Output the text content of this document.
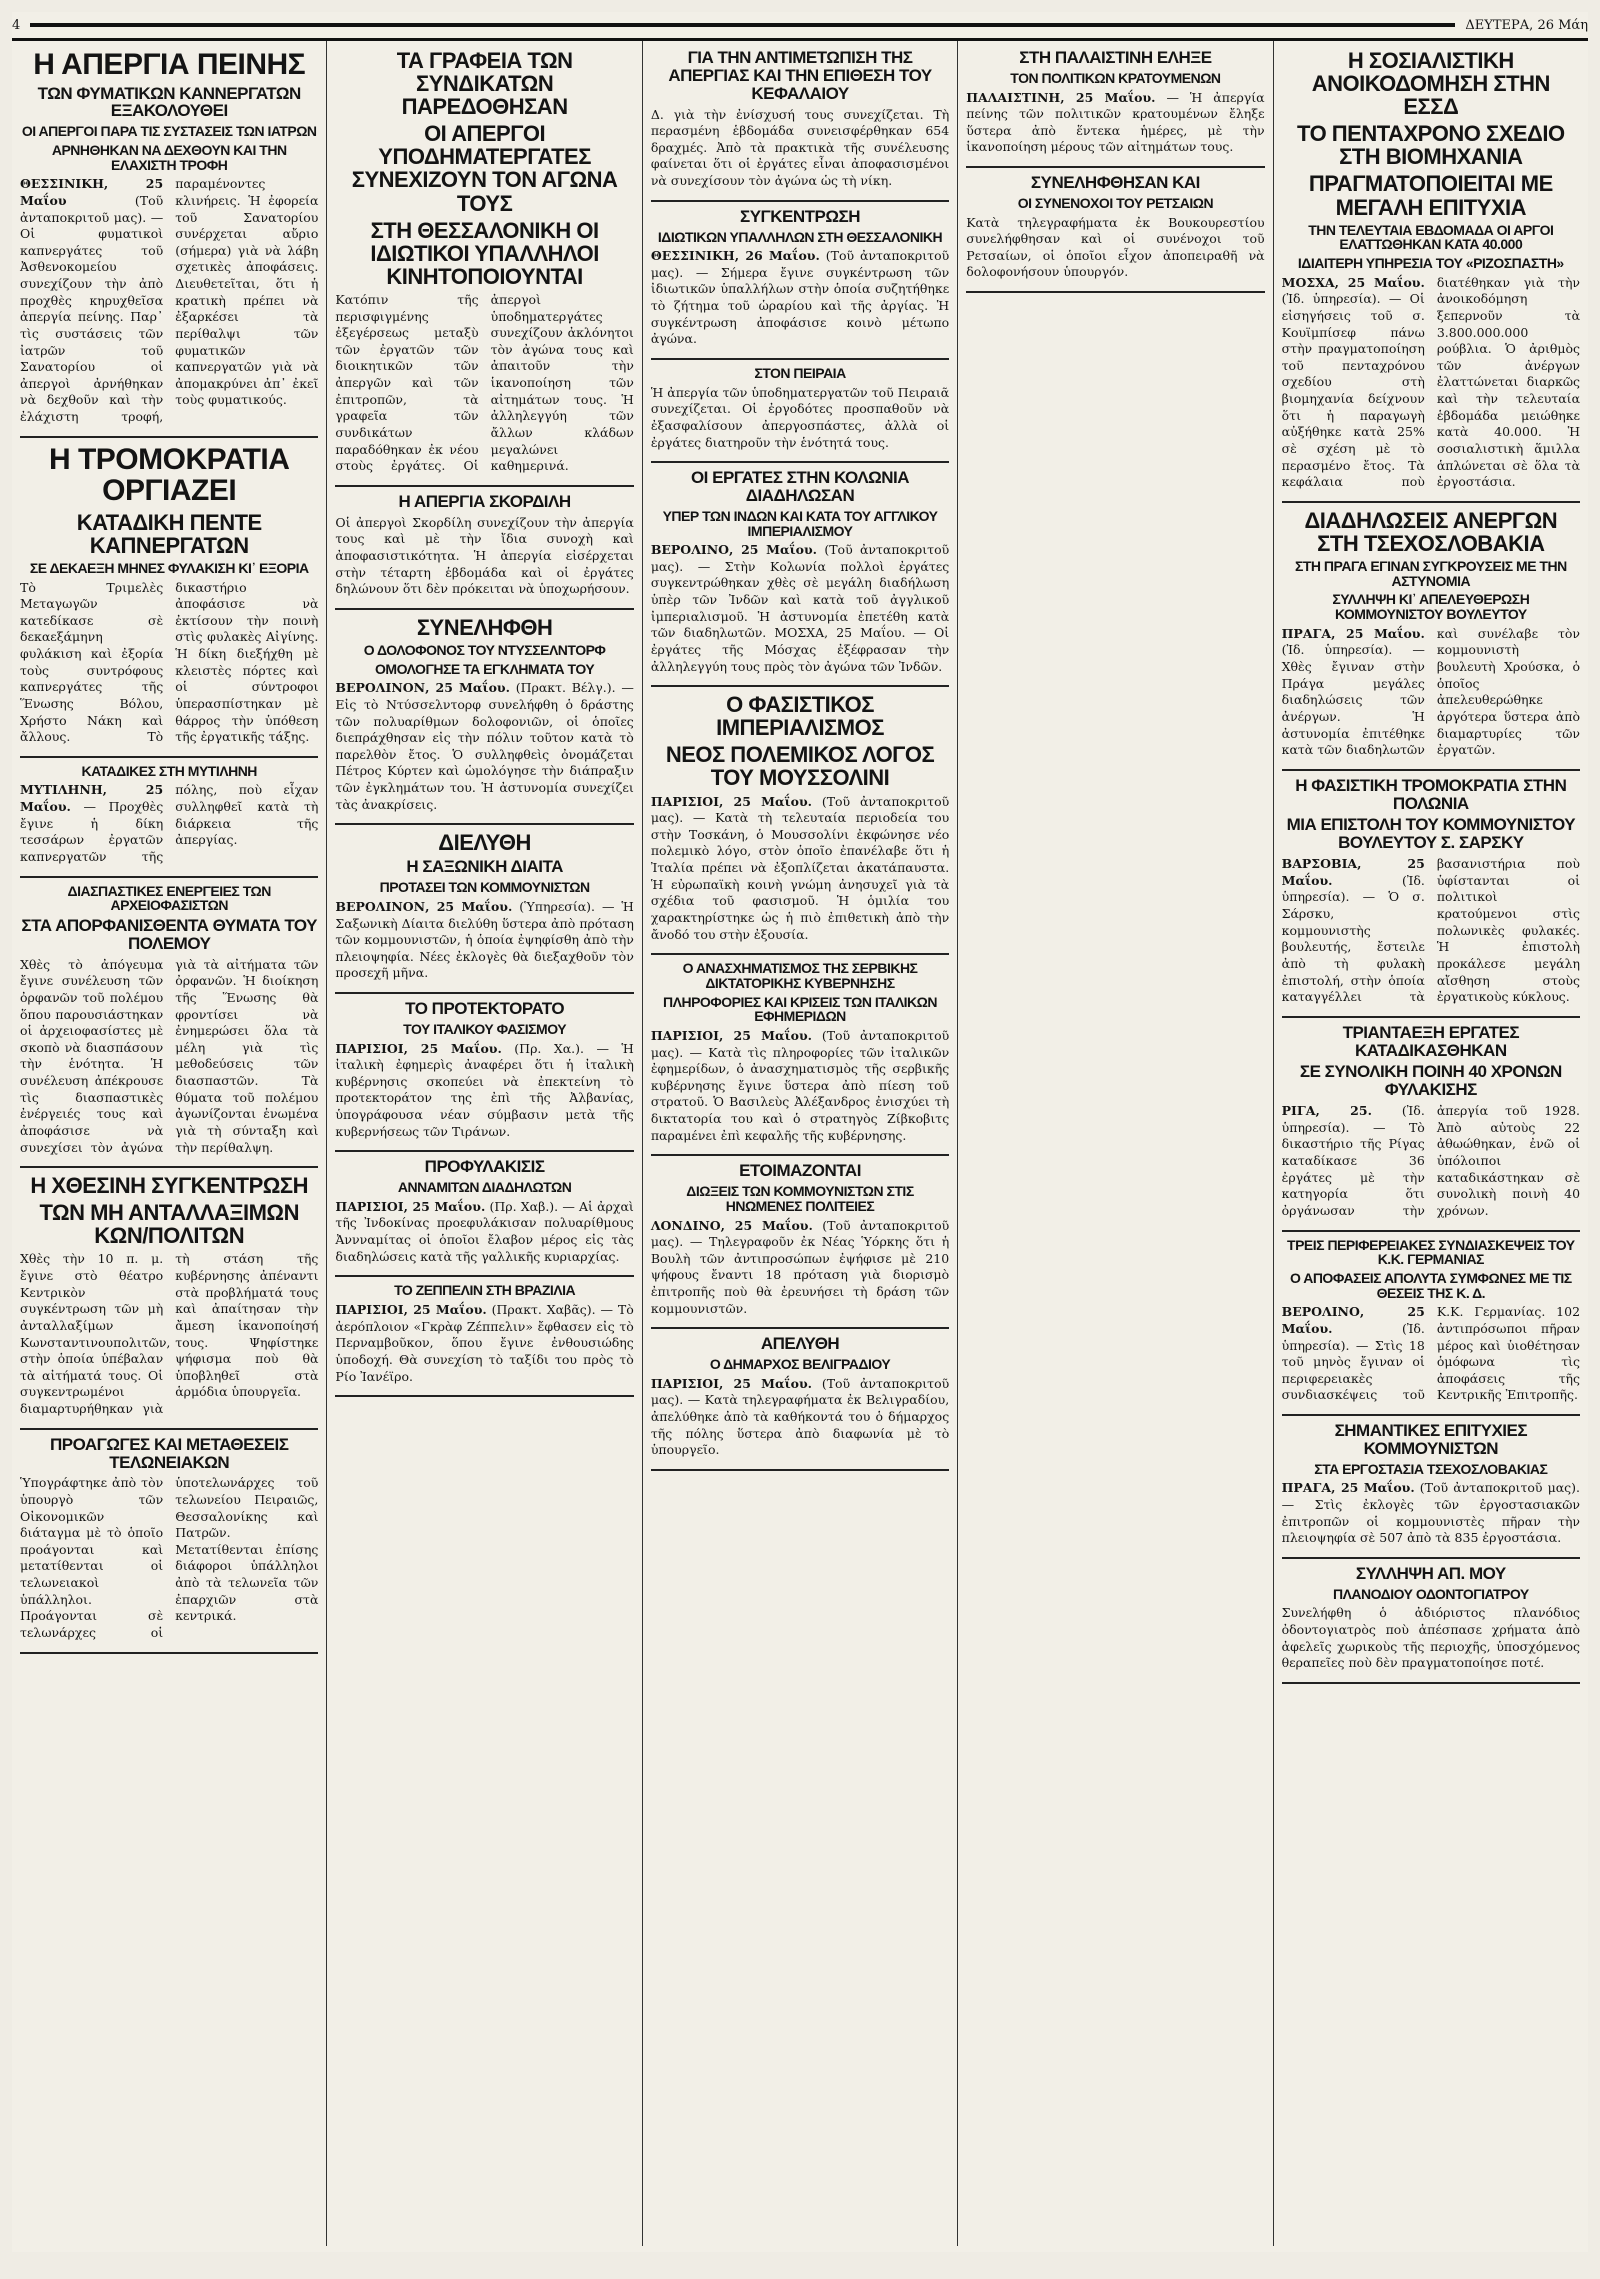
4	ΔΕΥΤΕΡΑ, 26 Μάη
Η ΑΠΕΡΓΙΑ ΠΕΙΝΗΣ
ΤΩΝ ΦΥΜΑΤΙΚΩΝ ΚΑΝΝΕΡΓΑΤΩΝ ΕΞΑΚΟΛΟΥΘΕΙ
ΟΙ ΑΠΕΡΓΟΙ ΠΑΡΑ ΤΙΣ ΣΥΣΤΑΣΕΙΣ ΤΩΝ ΙΑΤΡΩΝ
ΑΡΝΗΘΗΚΑΝ ΝΑ ΔΕΧΘΟΥΝ ΚΑΙ ΤΗΝ ΕΛΑΧΙΣΤΗ ΤΡΟΦΗ

ΘΕΣΣΙΝΙΚΗ, 25 Μαΐου	(Τοῦ ἀνταποκριτοῦ μας). — Οἱ φυματικοὶ καπνεργάτες τοῦ Ἀσθενοκομείου συνεχίζουν τὴν ἀπὸ πρoχθὲς κηρυχθεῖσα ἀπεργία πείνης. Παρ᾽ τὶς συστάσεις τῶν ἰατρῶν τοῦ Σανατορίου οἱ ἀπεργοὶ ἀρνήθηκαν νὰ δεχθοῦν καὶ τὴν ἐλάχιστη τροφή, παραμένοντες κλινήρεις. Ἡ ἐφορεία τοῦ Σανατορίου συνέρχεται αὔριο (σήμερα) γιὰ νὰ λάβη σχετικὲς ἀποφάσεις. Διευθετεῖται, ὅτι ἡ κρατικὴ πρέπει νὰ ἐξαρκέσει τὰ περίθαλψι τῶν φυματικῶν καπνεργατῶν γιὰ νὰ ἀπομακρύνει ἀπ᾽ ἐκεῖ τοὺς φυματικούς.

Η ΤΡΟΜΟΚΡΑΤΙΑ ΟΡΓΙΑΖΕΙ
ΚΑΤΑΔΙΚΗ ΠΕΝΤΕ ΚΑΠΝΕΡΓΑΤΩΝ
ΣΕ ΔΕΚΑΕΞΗ ΜΗΝΕΣ ΦΥΛΑΚΙΣΗ ΚΙ᾽ ΕΞΟΡΙΑ

Τὸ Τριμελὲς Μεταγωγῶν κατεδίκασε σὲ δεκαεξάμηνη φυλάκιση καὶ ἐξορία τοὺς συντρόφους καπνεργάτες τῆς Ἕνωσης Βόλου, Χρήστο Νάκη καὶ ἄλλους. Τὸ δικαστήριο ἀποφάσισε νὰ ἐκτίσουν τὴν ποινὴ στὶς φυλακὲς Αἰγίνης. Ἡ δίκη διεξήχθη μὲ κλειστὲς πόρτες καὶ οἱ σύντροφοι ὑπερασπίστηκαν μὲ θάρρος τὴν ὑπόθεση τῆς ἐργατικῆς τάξης.

ΚΑΤΑΔΙΚΕΣ ΣΤΗ ΜΥΤΙΛΗΝΗ

ΜΥΤΙΛΗΝΗ, 25 Μαΐου. — Προχθὲς ἔγινε ἡ δίκη τεσσάρων ἐργατῶν καπνεργατῶν τῆς πόλης, ποὺ εἶχαν συλληφθεῖ κατὰ τὴ διάρκεια τῆς ἀπεργίας.

ΔΙΑΣΠΑΣΤΙΚΕΣ ΕΝΕΡΓΕΙΕΣ ΤΩΝ ΑΡΧΕΙΟΦΑΣΙΣΤΩΝ
ΣΤΑ ΑΠΟΡΦΑΝΙΣΘΕΝΤΑ ΘΥΜΑΤΑ ΤΟΥ ΠΟΛΕΜΟΥ

Χθὲς τὸ ἀπόγευμα ἔγινε συνέλευση τῶν ὀρφανῶν τοῦ πολέμου ὅπου παρουσιάστηκαν οἱ ἀρχειοφασίστες μὲ σκοπὸ νὰ διασπάσουν τὴν ἑνότητα. Ἡ συνέλευση ἀπέκρουσε τὶς διασπαστικὲς ἐνέργειές τους καὶ ἀποφάσισε νὰ συνεχίσει τὸν ἀγώνα γιὰ τὰ αἰτήματα τῶν ὀρφανῶν. Ἡ διοίκηση τῆς Ἕνωσης θὰ φροντίσει νὰ ἐνημερώσει ὅλα τὰ μέλη γιὰ τὶς μεθοδεύσεις τῶν διασπαστῶν. Τὰ θύματα τοῦ πολέμου ἀγωνίζονται ἑνωμένα γιὰ τὴ σύνταξη καὶ τὴν περίθαλψη.

Η ΧΘΕΣΙΝΗ ΣΥΓΚΕΝΤΡΩΣΗ
ΤΩΝ ΜΗ ΑΝΤΑΛΛΑΞΙΜΩΝ ΚΩΝ/ΠΟΛΙΤΩΝ

Χθὲς τὴν 10 π. μ. ἔγινε στὸ θέατρο Κεντρικὸν συγκέντρωση τῶν μὴ ἀνταλλαξίμων Κωνσταντινουπολιτῶν, στὴν ὁποία ὑπέβαλαν τὰ αἰτήματά τους. Οἱ συγκεντρωμένοι διαμαρτυρήθηκαν γιὰ τὴ στάση τῆς κυβέρνησης ἀπέναντι στὰ προβλήματά τους καὶ ἀπαίτησαν τὴν ἄμεση ἱκανοποίησή τους. Ψηφίστηκε ψήφισμα ποὺ θὰ ὑποβληθεῖ στὰ ἁρμόδια ὑπουργεῖα.

ΠΡΟΑΓΩΓΕΣ ΚΑΙ ΜΕΤΑΘΕΣΕΙΣ ΤΕΛΩΝΕΙΑΚΩΝ

Ὑπογράφτηκε ἀπὸ τὸν ὑπουργὸ τῶν Οἰκονομικῶν διάταγμα μὲ τὸ ὁποῖο προάγονται καὶ μετατίθενται οἱ τελωνειακοὶ ὑπάλληλοι. Προάγονται σὲ τελωνάρχες οἱ ὑποτελωνάρχες τοῦ τελωνείου Πειραιῶς, Θεσσαλονίκης καὶ Πατρῶν. Μετατίθενται ἐπίσης διάφοροι ὑπάλληλοι ἀπὸ τὰ τελωνεῖα τῶν ἐπαρχιῶν στὰ κεντρικά.

ΤΑ ΓΡΑΦΕΙΑ ΤΩΝ ΣΥΝΔΙΚΑΤΩΝ ΠΑΡΕΔΟΘΗΣΑΝ
ΟΙ ΑΠΕΡΓΟΙ ΥΠΟΔΗΜΑΤΕΡΓΑΤΕΣ ΣΥΝΕΧΙΖΟΥΝ ΤΟΝ ΑΓΩΝΑ ΤΟΥΣ
ΣΤΗ ΘΕΣΣΑΛΟΝΙΚΗ ΟΙ ΙΔΙΩΤΙΚΟΙ ΥΠΑΛΛΗΛΟΙ ΚΙΝΗΤΟΠΟΙΟΥΝΤΑΙ

Κατόπιν τῆς περισφιγμένης ἐξεγέρσεως μεταξὺ τῶν ἐργατῶν τῶν διοικητικῶν τῶν ἀπεργῶν καὶ τῶν ἐπιτροπῶν, τὰ γραφεῖα τῶν συνδικάτων παραδόθηκαν ἐκ νέου στοὺς ἐργάτες. Οἱ ἀπεργοὶ ὑποδηματεργάτες συνεχίζουν ἀκλόνητοι τὸν ἀγώνα τους καὶ ἀπαιτοῦν τὴν ἱκανοποίηση τῶν αἰτημάτων τους. Ἡ ἀλληλεγγύη τῶν ἄλλων κλάδων μεγαλώνει καθημερινά.

Η ΑΠΕΡΓΙΑ ΣΚΟΡΔΙΛΗ

Οἱ ἀπεργοὶ Σκορδίλη συνεχίζουν τὴν ἀπεργία τους καὶ μὲ τὴν ἴδια συνοχὴ καὶ ἀποφασιστικότητα. Ἡ ἀπεργία εἰσέρχεται στὴν τέταρτη ἑβδομάδα καὶ οἱ ἐργάτες δηλώνουν ὅτι δὲν πρόκειται νὰ ὑποχωρήσουν.

ΣΥΝΕΛΗΦΘΗ
Ο ΔΟΛΟΦΟΝΟΣ ΤΟΥ ΝΤΥΣΣΕΛΝΤΟΡΦ
ΟΜΟΛΟΓΗΣΕ ΤΑ ΕΓΚΛΗΜΑΤΑ ΤΟΥ

ΒΕΡΟΛΙΝΟΝ, 25 Μαΐου. (Πρακτ. Βέλγ.). — Εἰς τὸ Ντύσσελντορφ συνελήφθη ὁ δράστης τῶν πολυαρίθμων δολοφονιῶν, οἱ ὁποῖες διεπράχθησαν εἰς τὴν πόλιν τοῦτον κατὰ τὸ παρελθὸν ἔτος. Ὁ συλληφθεὶς ὀνομάζεται Πέτρος Κύρτεν καὶ ὡμολόγησε τὴν διάπραξιν τῶν ἐγκλημάτων του. Ἡ ἀστυνομία συνεχίζει τὰς ἀνακρίσεις.

ΔΙΕΛΥΘΗ
Η ΣΑΞΩΝΙΚΗ ΔΙΑΙΤΑ
ΠΡΟΤΑΣΕΙ ΤΩΝ ΚΟΜΜΟΥΝΙΣΤΩΝ

ΒΕΡΟΛΙΝΟΝ, 25 Μαΐου. (Ὑπηρεσία). — Ἡ Σαξωνικὴ Δίαιτα διελύθη ὕστερα ἀπὸ πρόταση τῶν κομμουνιστῶν, ἡ ὁποία ἐψηφίσθη ἀπὸ τὴν πλειοψηφία. Νέες ἐκλογὲς θὰ διεξαχθοῦν τὸν προσεχῆ μῆνα.

ΤΟ ΠΡΟΤΕΚΤΟΡΑΤΟ
ΤΟΥ ΙΤΑΛΙΚΟΥ ΦΑΣΙΣΜΟΥ

ΠΑΡΙΣΙΟΙ, 25 Μαΐου. (Πρ. Χα.). — Ἡ ἰταλικὴ ἐφημερὶς ἀναφέρει ὅτι ἡ ἰταλικὴ κυβέρνησις σκοπεύει νὰ ἐπεκτείνη τὸ προτεκτοράτον της ἐπὶ τῆς Ἀλβανίας, ὑπογράφουσα νέαν σύμβασιν μετὰ τῆς κυβερνήσεως τῶν Τιράνων.

ΠΡΟΦΥΛΑΚΙΣΙΣ
ΑΝΝΑΜΙΤΩΝ ΔΙΑΔΗΛΩΤΩΝ

ΠΑΡΙΣΙΟΙ, 25 Μαΐου. (Πρ. Χαβ.). — Αἱ ἀρχαὶ τῆς Ἰνδοκίνας προεφυλάκισαν πολυαρίθμους Ἀννναμίτας οἱ ὁποῖοι ἔλαβον μέρος εἰς τὰς διαδηλώσεις κατὰ τῆς γαλλικῆς κυριαρχίας.

ΤΟ ΖΕΠΠΕΛΙΝ ΣΤΗ ΒΡΑΖΙΛΙΑ

ΠΑΡΙΣΙΟΙ, 25 Μαΐου. (Πρακτ. Χαβᾶς). — Τὸ ἀερόπλοιον «Γκρὰφ Ζέππελιν» ἔφθασεν εἰς τὸ Περναμβοῦκον, ὅπου ἔγινε ἐνθουσιώδης ὑποδοχή. Θὰ συνεχίση τὸ ταξίδι του πρὸς τὸ Ρίο Ἰανέϊρο.

ΓΙΑ ΤΗΝ ΑΝΤΙΜΕΤΩΠΙΣΗ ΤΗΣ ΑΠΕΡΓΙΑΣ ΚΑΙ ΤΗΝ ΕΠΙΘΕΣΗ ΤΟΥ ΚΕΦΑΛΑΙΟΥ

Δ. γιὰ τὴν ἐνίσχυσή τους συνεχίζεται. Τὴ περασμένη ἑβδομάδα συνεισφέρθηκαν 654 δραχμές. Ἀπὸ τὰ πρακτικὰ τῆς συνέλευσης φαίνεται ὅτι οἱ ἐργάτες εἶναι ἀποφασισμένοι νὰ συνεχίσουν τὸν ἀγώνα ὡς τὴ νίκη.

ΣΥΓΚΕΝΤΡΩΣΗ
ΙΔΙΩΤΙΚΩΝ ΥΠΑΛΛΗΛΩΝ ΣΤΗ ΘΕΣΣΑΛΟΝΙΚΗ

ΘΕΣΣΙΝΙΚΗ, 26 Μαΐου. (Τοῦ ἀνταποκριτοῦ μας). — Σήμερα ἔγινε συγκέντρωση τῶν ἰδιωτικῶν ὑπαλλήλων στὴν ὁποία συζητήθηκε τὸ ζήτημα τοῦ ὡραρίου καὶ τῆς ἀργίας. Ἡ συγκέντρωση ἀποφάσισε κοινὸ μέτωπο ἀγώνα.

ΣΤΟΝ ΠΕΙΡΑΙΑ

Ἡ ἀπεργία τῶν ὑποδηματεργατῶν τοῦ Πειραιᾶ συνεχίζεται. Οἱ ἐργοδότες προσπαθοῦν νὰ ἐξασφαλίσουν ἀπεργοσπάστες, ἀλλὰ οἱ ἐργάτες διατηροῦν τὴν ἑνότητά τους.

ΟΙ ΕΡΓΑΤΕΣ ΣΤΗΝ ΚΟΛΩΝΙΑ ΔΙΑΔΗΛΩΣΑΝ
ΥΠΕΡ ΤΩΝ ΙΝΔΩΝ ΚΑΙ ΚΑΤΑ ΤΟΥ ΑΓΓΛΙΚΟΥ ΙΜΠΕΡΙΑΛΙΣΜΟΥ

ΒΕΡΟΛΙΝΟ, 25 Μαΐου. (Τοῦ ἀνταποκριτοῦ μας). — Στὴν Κολωνία πολλοὶ ἐργάτες συγκεντρώθηκαν χθὲς σὲ μεγάλη διαδήλωση ὑπὲρ τῶν Ἰνδῶν καὶ κατὰ τοῦ ἀγγλικοῦ ἰμπεριαλισμοῦ. Ἡ ἀστυνομία ἐπετέθη κατὰ τῶν διαδηλωτῶν. ΜΟΣΧΑ, 25 Μαΐου. — Οἱ ἐργάτες τῆς Μόσχας ἐξέφρασαν τὴν ἀλληλεγγύη τους πρὸς τὸν ἀγώνα τῶν Ἰνδῶν.

Ο ΦΑΣΙΣΤΙΚΟΣ ΙΜΠΕΡΙΑΛΙΣΜΟΣ
ΝΕΟΣ ΠΟΛΕΜΙΚΟΣ ΛΟΓΟΣ ΤΟΥ ΜΟΥΣΣΟΛΙΝΙ

ΠΑΡΙΣΙΟΙ, 25 Μαΐου. (Τοῦ ἀνταποκριτοῦ μας). — Κατὰ τὴ τελευταία περιοδεία του στὴν Τοσκάνη, ὁ Μουσσολίνι ἐκφώνησε νέο πολεμικὸ λόγο, στὸν ὁποῖο ἐπανέλαβε ὅτι ἡ Ἰταλία πρέπει νὰ ἐξοπλίζεται ἀκατάπαυστα. Ἡ εὐρωπαϊκὴ κοινὴ γνώμη ἀνησυχεῖ γιὰ τὰ σχέδια τοῦ φασισμοῦ. Ἡ ὁμιλία του χαρακτηρίστηκε ὡς ἡ πιὸ ἐπιθετικὴ ἀπὸ τὴν ἄνοδό του στὴν ἐξουσία.

Ο ΑΝΑΣΧΗΜΑΤΙΣΜΟΣ ΤΗΣ ΣΕΡΒΙΚΗΣ ΔΙΚΤΑΤΟΡΙΚΗΣ ΚΥΒΕΡΝΗΣΗΣ
ΠΛΗΡΟΦΟΡΙΕΣ ΚΑΙ ΚΡΙΣΕΙΣ ΤΩΝ ΙΤΑΛΙΚΩΝ ΕΦΗΜΕΡΙΔΩΝ

ΠΑΡΙΣΙΟΙ, 25 Μαΐου. (Τοῦ ἀνταποκριτοῦ μας). — Κατὰ τὶς πληροφορίες τῶν ἰταλικῶν ἐφημερίδων, ὁ ἀνασχηματισμὸς τῆς σερβικῆς κυβέρνησης ἔγινε ὕστερα ἀπὸ πίεση τοῦ στρατοῦ. Ὁ Βασιλεὺς Ἀλέξανδρος ἐνισχύει τὴ δικτατορία του καὶ ὁ στρατηγὸς Ζίβκοβιτς παραμένει ἐπὶ κεφαλῆς τῆς κυβέρνησης.

ΕΤΟΙΜΑΖΟΝΤΑΙ
ΔΙΩΞΕΙΣ ΤΩΝ ΚΟΜΜΟΥΝΙΣΤΩΝ ΣΤΙΣ ΗΝΩΜΕΝΕΣ ΠΟΛΙΤΕΙΕΣ

ΛΟΝΔΙΝΟ, 25 Μαΐου. (Τοῦ ἀνταποκριτοῦ μας). — Τηλεγραφοῦν ἐκ Νέας Ὑόρκης ὅτι ἡ Βουλὴ τῶν ἀντιπροσώπων ἐψήφισε μὲ 210 ψήφους ἔναντι 18 πρόταση γιὰ διορισμὸ ἐπιτροπῆς ποὺ θὰ ἐρευνήσει τὴ δράση τῶν κομμουνιστῶν.

ΑΠΕΛΥΘΗ
Ο ΔΗΜΑΡΧΟΣ ΒΕΛΙΓΡΑΔΙΟΥ

ΠΑΡΙΣΙΟΙ, 25 Μαΐου. (Τοῦ ἀνταποκριτοῦ μας). — Κατὰ τηλεγραφήματα ἐκ Βελιγραδίου, ἀπελύθηκε ἀπὸ τὰ καθήκοντά του ὁ δήμαρχος τῆς πόλης ὕστερα ἀπὸ διαφωνία μὲ τὸ ὑπουργεῖο.

ΣΤΗ ΠΑΛΑΙΣΤΙΝΗ ΕΛΗΞΕ
ΤΟΝ ΠΟΛΙΤΙΚΩΝ ΚΡΑΤΟΥΜΕΝΩΝ

ΠΑΛΑΙΣΤΙΝΗ, 25 Μαΐου. — Ἡ ἀπεργία πείνης τῶν πολιτικῶν κρατουμένων ἔληξε ὕστερα ἀπὸ ἕντεκα ἡμέρες, μὲ τὴν ἱκανοποίηση μέρους τῶν αἰτημάτων τους.

ΣΥΝΕΛΗΦΘΗΣΑΝ ΚΑΙ
ΟΙ ΣΥΝΕΝΟΧΟΙ ΤΟΥ ΡΕΤΣΑΙΩΝ

Κατὰ τηλεγραφήματα ἐκ Βουκουρεστίου συνελήφθησαν καὶ οἱ συνένοχοι τοῦ Ρετσαίων, οἱ ὁποῖοι εἶχον ἀποπειραθῆ νὰ δολοφονήσουν ὑπουργόν.

Η ΣΟΣΙΑΛΙΣΤΙΚΗ ΑΝΟΙΚΟΔΟΜΗΣΗ ΣΤΗΝ ΕΣΣΔ
ΤΟ ΠΕΝΤΑΧΡΟΝΟ ΣΧΕΔΙΟ ΣΤΗ ΒΙΟΜΗΧΑΝΙΑ
ΠΡΑΓΜΑΤΟΠΟΙΕΙΤΑΙ ΜΕ ΜΕΓΑΛΗ ΕΠΙΤΥΧΙΑ
ΤΗΝ ΤΕΛΕΥΤΑΙΑ ΕΒΔΟΜΑΔΑ ΟΙ ΑΡΓΟΙ ΕΛΑΤΤΩΘΗΚΑΝ ΚΑΤΑ 40.000
ΙΔΙΑΙΤΕΡΗ ΥΠΗΡΕΣΙΑ ΤΟΥ «ΡΙΖΟΣΠΑΣΤΗ»

ΜΟΣΧΑ, 25 Μαΐου. (Ἰδ. ὑπηρεσία). — Οἱ εἰσηγήσεις τοῦ σ. Κουϊμπίσεφ πάνω στὴν πραγματοποίηση τοῦ πενταχρόνου σχεδίου στὴ βιομηχανία δείχνουν ὅτι ἡ παραγωγὴ αὐξήθηκε κατὰ 25% σὲ σχέση μὲ τὸ περασμένο ἔτος. Τὰ κεφάλαια ποὺ διατέθηκαν γιὰ τὴν ἀνοικοδόμηση ξεπερνοῦν τὰ 3.800.000.000 ρούβλια. Ὁ ἀριθμὸς τῶν ἀνέργων ἐλαττώνεται διαρκῶς καὶ τὴν τελευταία ἑβδομάδα μειώθηκε κατὰ 40.000. Ἡ σοσιαλιστικὴ ἅμιλλα ἁπλώνεται σὲ ὅλα τὰ ἐργοστάσια.

ΔΙΑΔΗΛΩΣΕΙΣ ΑΝΕΡΓΩΝ ΣΤΗ ΤΣΕΧΟΣΛΟΒΑΚΙΑ
ΣΤΗ ΠΡΑΓΑ ΕΓΙΝΑΝ ΣΥΓΚΡΟΥΣΕΙΣ ΜΕ ΤΗΝ ΑΣΤΥΝΟΜΙΑ
ΣΥΛΛΗΨΗ ΚΙ᾽ ΑΠΕΛΕΥΘΕΡΩΣΗ ΚΟΜΜΟΥΝΙΣΤΟΥ ΒΟΥΛΕΥΤΟΥ

ΠΡΑΓΑ, 25 Μαΐου. (Ἰδ. ὑπηρεσία). — Χθὲς ἔγιναν στὴν Πράγα μεγάλες διαδηλώσεις τῶν ἀνέργων. Ἡ ἀστυνομία ἐπιτέθηκε κατὰ τῶν διαδηλωτῶν καὶ συνέλαβε τὸν κομμουνιστὴ βουλευτὴ Χρούσκα, ὁ ὁποῖος ἀπελευθερώθηκε ἀργότερα ὕστερα ἀπὸ διαμαρτυρίες τῶν ἐργατῶν.

Η ΦΑΣΙΣΤΙΚΗ ΤΡΟΜΟΚΡΑΤΙΑ ΣΤΗΝ ΠΟΛΩΝΙΑ
ΜΙΑ ΕΠΙΣΤΟΛΗ ΤΟΥ ΚΟΜΜΟΥΝΙΣΤΟΥ ΒΟΥΛΕΥΤΟΥ Σ. ΣΑΡΣΚΥ

ΒΑΡΣΟΒΙΑ, 25 Μαΐου.	(Ἰδ. ὑπηρεσία). — Ὁ σ. Σάρσκυ, κομμουνιστὴς βουλευτής, ἔστειλε ἀπὸ τὴ φυλακὴ ἐπιστολή, στὴν ὁποία καταγγέλλει τὰ βασανιστήρια ποὺ ὑφίστανται οἱ πολιτικοὶ κρατούμενοι στὶς πολωνικὲς φυλακές. Ἡ ἐπιστολὴ προκάλεσε μεγάλη αἴσθηση στοὺς ἐργατικοὺς κύκλους.

ΤΡΙΑΝΤΑΕΞΗ ΕΡΓΑΤΕΣ ΚΑΤΑΔΙΚΑΣΘΗΚΑΝ
ΣΕ ΣΥΝΟΛΙΚΗ ΠΟΙΝΗ 40 ΧΡΟΝΩΝ ΦΥΛΑΚΙΣΗΣ

ΡΙΓΑ, 25. (Ἰδ. ὑπηρεσία). — Τὸ δικαστήριο τῆς Ρίγας καταδίκασε 36 ἐργάτες μὲ τὴν κατηγορία ὅτι ὀργάνωσαν τὴν ἀπεργία τοῦ 1928. Ἀπὸ αὐτοὺς 22 ἀθωώθηκαν, ἐνῶ οἱ ὑπόλοιποι καταδικάστηκαν σὲ συνολικὴ ποινὴ 40 χρόνων.

ΤΡΕΙΣ ΠΕΡΙΦΕΡΕΙΑΚΕΣ ΣΥΝΔΙΑΣΚΕΨΕΙΣ ΤΟΥ Κ.Κ. ΓΕΡΜΑΝΙΑΣ
Ο ΑΠΟΦΑΣΕΙΣ ΑΠΟΛΥΤΑ ΣΥΜΦΩΝΕΣ ΜΕ ΤΙΣ ΘΕΣΕΙΣ ΤΗΣ Κ. Δ.

ΒΕΡΟΛΙΝΟ, 25 Μαΐου.	(Ἰδ. ὑπηρεσία). — Στὶς 18 τοῦ μηνὸς ἔγιναν οἱ περιφερειακὲς συνδιασκέψεις τοῦ Κ.Κ. Γερμανίας. 102 ἀντιπρόσωποι πῆραν μέρος καὶ ὑιοθέτησαν ὁμόφωνα τὶς ἀποφάσεις τῆς Κεντρικῆς Ἐπιτροπῆς.

ΣΗΜΑΝΤΙΚΕΣ ΕΠΙΤΥΧΙΕΣ ΚΟΜΜΟΥΝΙΣΤΩΝ
ΣΤΑ ΕΡΓΟΣΤΑΣΙΑ ΤΣΕΧΟΣΛΟΒΑΚΙΑΣ

ΠΡΑΓΑ, 25 Μαΐου. (Τοῦ ἀνταποκριτοῦ μας). — Στὶς ἐκλογὲς τῶν ἐργοστασιακῶν ἐπιτροπῶν οἱ κομμουνιστὲς πῆραν τὴν πλειοψηφία σὲ 507 ἀπὸ τὰ 835 ἐργοστάσια.

ΣΥΛΛΗΨΗ ΑΠ. ΜΟΥ
ΠΛΑΝΟΔΙΟΥ ΟΔΟΝΤΟΓΙΑΤΡΟΥ

Συνελήφθη ὁ ἀδιόριστος πλανόδιος ὀδοντογιατρὸς ποὺ ἀπέσπασε χρήματα ἀπὸ ἀφελεῖς χωρικοὺς τῆς περιοχῆς, ὑποσχόμενος θεραπεῖες ποὺ δὲν πραγματοποίησε ποτέ.
